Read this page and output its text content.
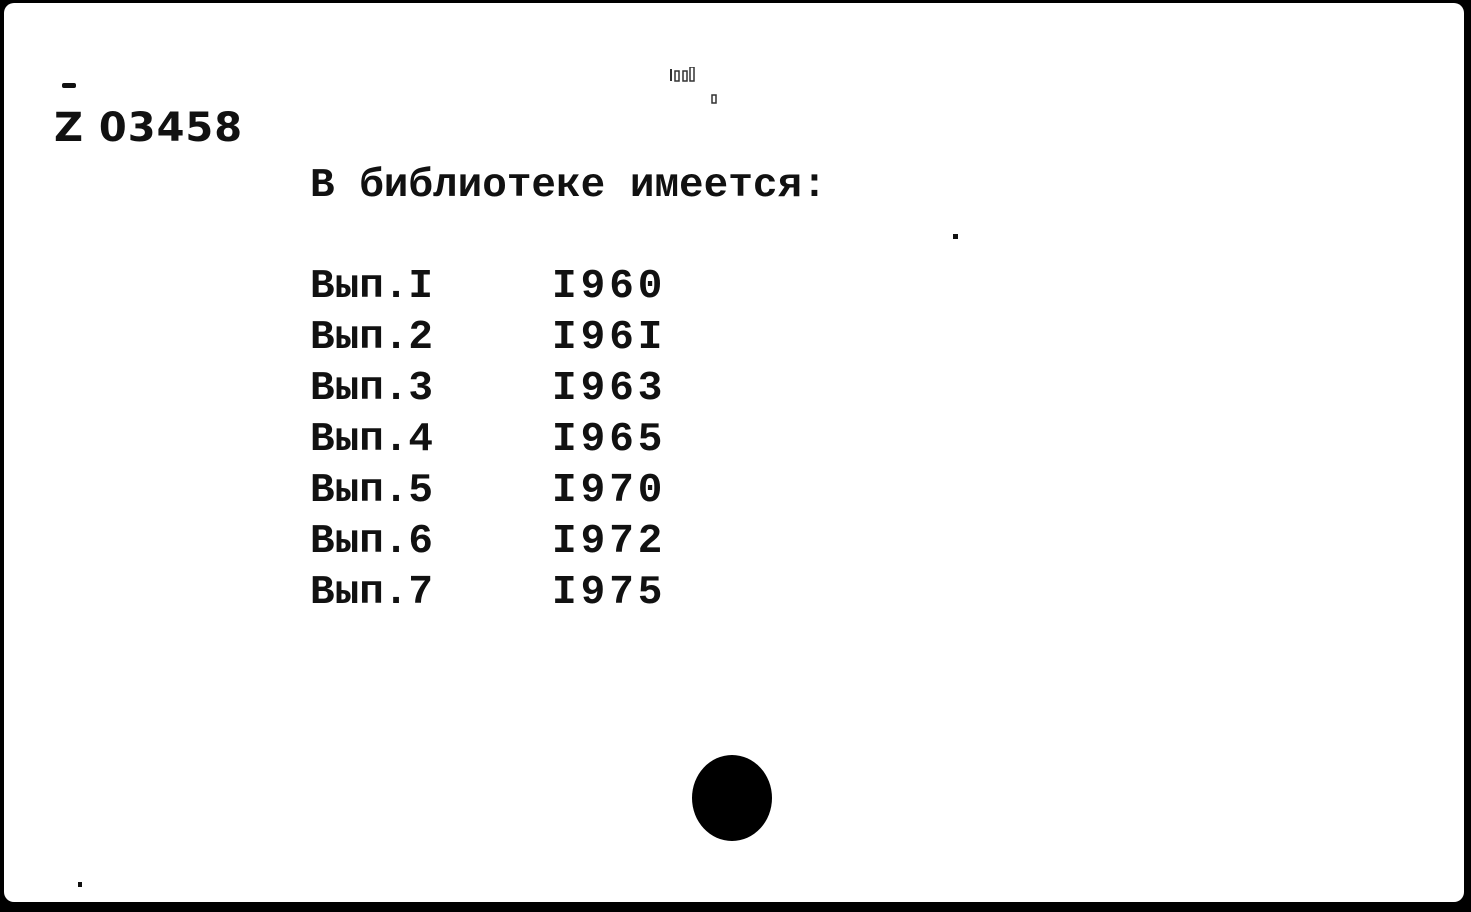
Z 03458
В библиотеке имеется:
Вып.I	I960
Вып.2	I96I
Вып.3	I963
Вып.4	I965
Вып.5	I970
Вып.6	I972
Вып.7	I975
